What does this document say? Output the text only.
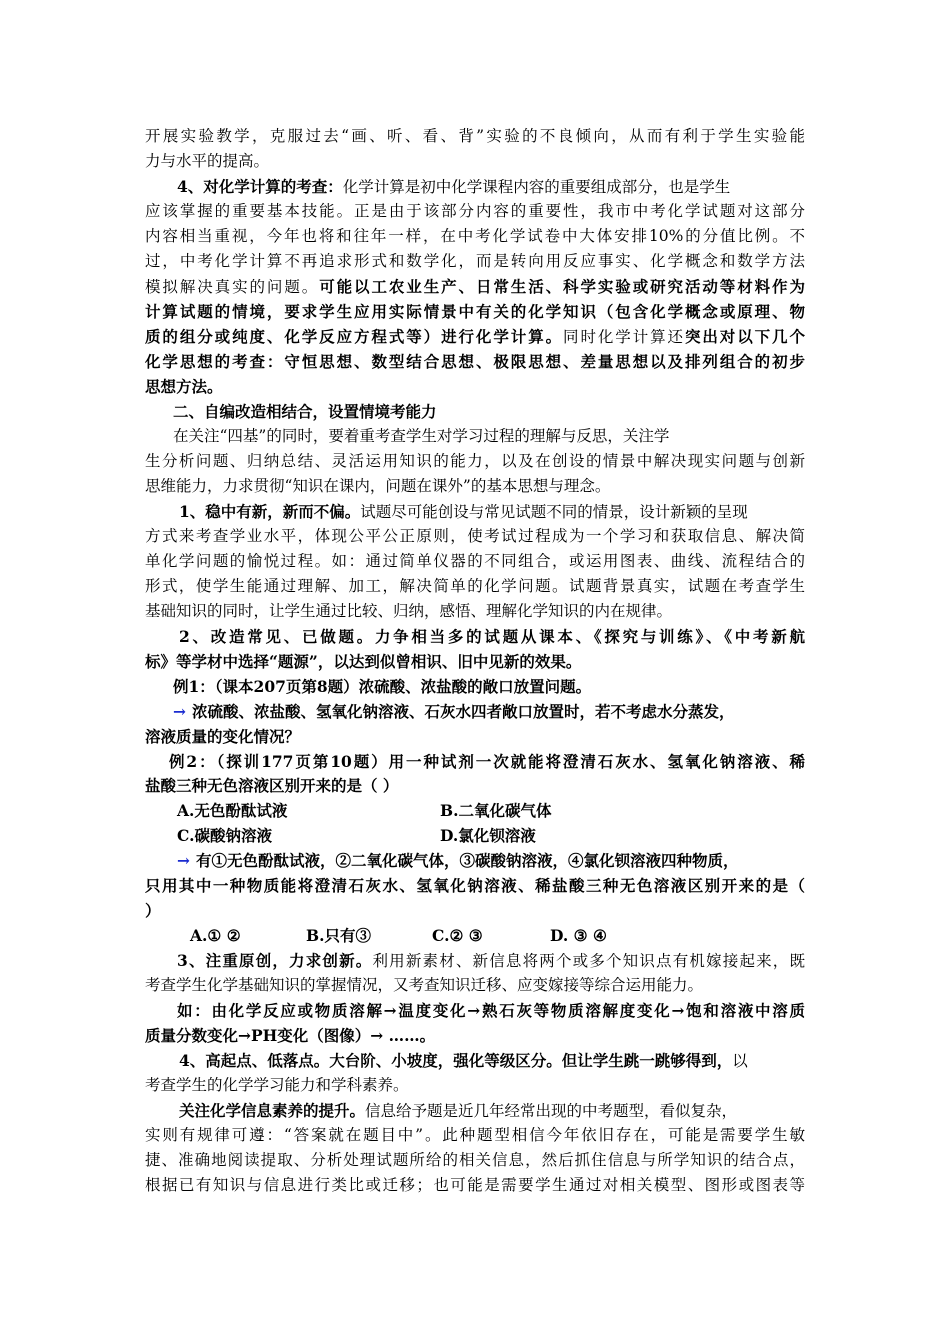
开展实验教学，克服过去“画、听、看、背”实验的不良倾向，从而有利于学生实验能
力与水平的提高。
4、对化学计算的考查：化学计算是初中化学课程内容的重要组成部分，也是学生
应该掌握的重要基本技能。正是由于该部分内容的重要性，我市中考化学试题对这部分
内容相当重视，今年也将和往年一样，在中考化学试卷中大体安排10%的分值比例。不
过，中考化学计算不再追求形式和数学化，而是转向用反应事实、化学概念和数学方法
模拟解决真实的问题。可能以工农业生产、日常生活、科学实验或研究活动等材料作为
计算试题的情境，要求学生应用实际情景中有关的化学知识（包含化学概念或原理、物
质的组分或纯度、化学反应方程式等）进行化学计算。同时化学计算还突出对以下几个
化学思想的考查：守恒思想、数型结合思想、极限思想、差量思想以及排列组合的初步
思想方法。
二、自编改造相结合，设置情境考能力
在关注“四基”的同时，要着重考查学生对学习过程的理解与反思，关注学
生分析问题、归纳总结、灵活运用知识的能力，以及在创设的情景中解决现实问题与创新
思维能力，力求贯彻“知识在课内，问题在课外”的基本思想与理念。
1、稳中有新，新而不偏。试题尽可能创设与常见试题不同的情景，设计新颖的呈现
方式来考查学业水平，体现公平公正原则，使考试过程成为一个学习和获取信息、解决简
单化学问题的愉悦过程。如：通过简单仪器的不同组合，或运用图表、曲线、流程结合的
形式，使学生能通过理解、加工，解决简单的化学问题。试题背景真实，试题在考查学生
基础知识的同时，让学生通过比较、归纳，感悟、理解化学知识的内在规律。
2、改造常见、已做题。力争相当多的试题从课本、《探究与训练》、《中考新航
标》等学材中选择“题源”，以达到似曾相识、旧中见新的效果。
例1：（课本207页第8题）浓硫酸、浓盐酸的敞口放置问题。
→ 浓硫酸、浓盐酸、氢氧化钠溶液、石灰水四者敞口放置时，若不考虑水分蒸发，
溶液质量的变化情况？
例2：（探训177页第10题）用一种试剂一次就能将澄清石灰水、氢氧化钠溶液、稀
盐酸三种无色溶液区别开来的是（ ）
A.无色酚酞试液	B.二氧化碳气体
C.碳酸钠溶液	D.氯化钡溶液
→ 有①无色酚酞试液，②二氧化碳气体，③碳酸钠溶液，④氯化钡溶液四种物质，
只用其中一种物质能将澄清石灰水、氢氧化钠溶液、稀盐酸三种无色溶液区别开来的是（
）
A.① ②	B.只有③	C.② ③	D. ③ ④
3、注重原创，力求创新。利用新素材、新信息将两个或多个知识点有机嫁接起来，既
考查学生化学基础知识的掌握情况，又考查知识迁移、应变嫁接等综合运用能力。
如：由化学反应或物质溶解→温度变化→熟石灰等物质溶解度变化→饱和溶液中溶质
质量分数变化→PH变化（图像）→ ……。
4、高起点、低落点。大台阶、小坡度，强化等级区分。但让学生跳一跳够得到，以
考查学生的化学学习能力和学科素养。
关注化学信息素养的提升。信息给予题是近几年经常出现的中考题型，看似复杂，
实则有规律可遵：“答案就在题目中”。此种题型相信今年依旧存在，可能是需要学生敏
捷、准确地阅读提取、分析处理试题所给的相关信息，然后抓住信息与所学知识的结合点，
根据已有知识与信息进行类比或迁移；也可能是需要学生通过对相关模型、图形或图表等
